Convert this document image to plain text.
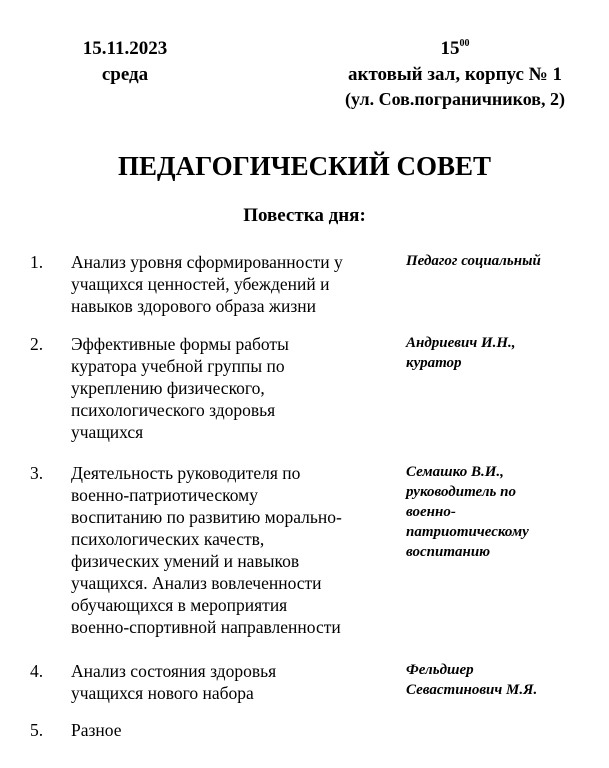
15.11.2023
среда
$15^{00}$
актовый зал, корпус № 1
(ул. Сов.пограничников, 2)
ПЕДАГОГИЧЕСКИЙ СОВЕТ
Повестка дня:
1. Анализ уровня сформированности у
учащихся ценностей, убеждений и
навыков здорового образа жизни
Педагог социальный
2. Эффективные формы работы
куратора учебной группы по
укреплению физического,
психологического здоровья
учащихся
Андриевич И.Н.,
куратор
3. Деятельность руководителя по
военно-патриотическому
воспитанию по развитию морально-
психологических качеств,
физических умений и навыков
учащихся. Анализ вовлеченности
обучающихся в мероприятия
военно-спортивной направленности
Семашко В.И.,
руководитель по
военно-
патриотическому
воспитанию
4. Анализ состояния здоровья
учащихся нового набора
Фельдшер
Севастинович М.Я.
5. Разное
